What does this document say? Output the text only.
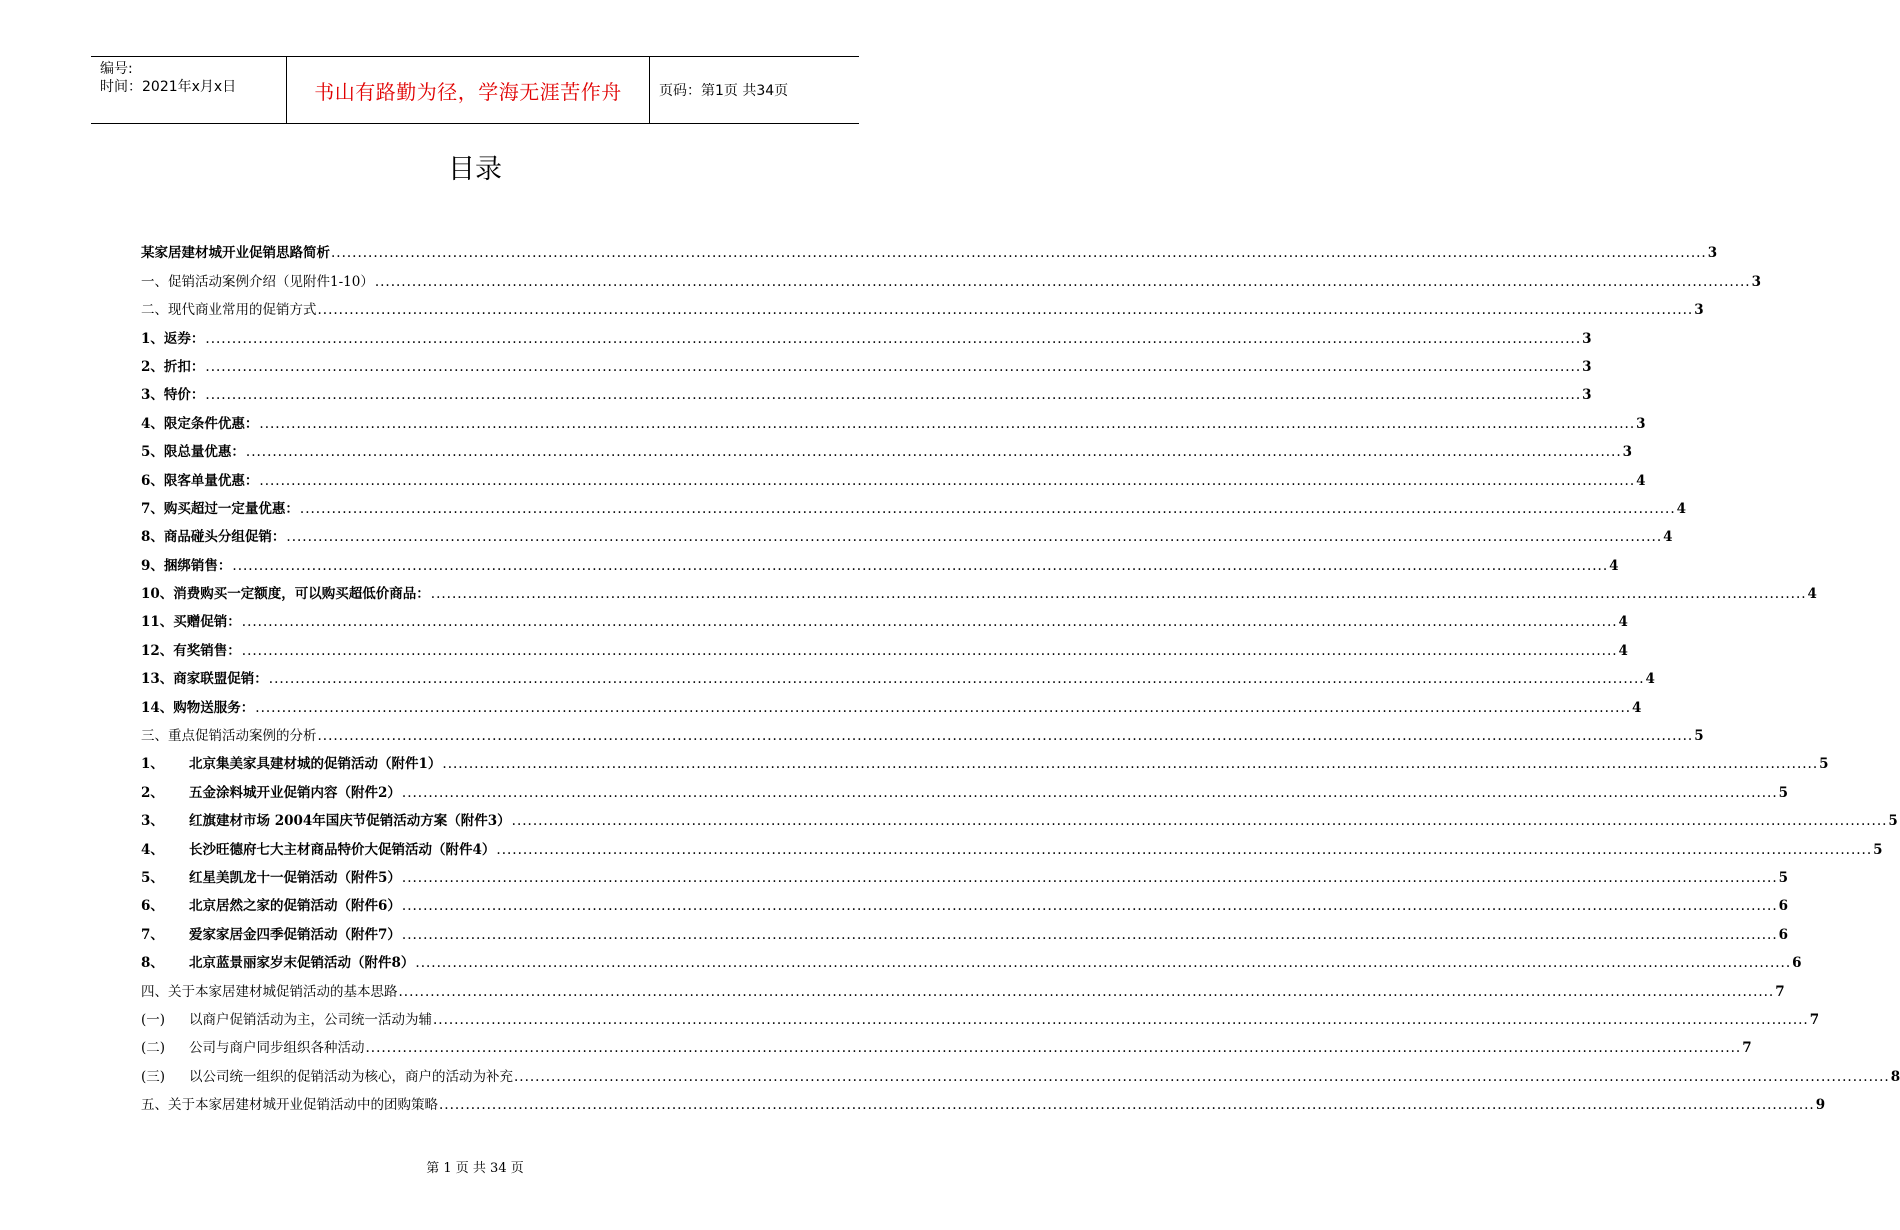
编号:
时间：2021年x月x日	书山有路勤为径，学海无涯苦作舟	页码：第1页 共34页
目录
某家居建材城开业促销思路简析 .................................................................................................................................................................................................................................................................... 3
一、促销活动案例介绍（见附件1-10） .................................................................................................................................................................................................................................................................... 3
二、现代商业常用的促销方式 .................................................................................................................................................................................................................................................................... 3
1、返券： .................................................................................................................................................................................................................................................................... 3
2、折扣： .................................................................................................................................................................................................................................................................... 3
3、特价： .................................................................................................................................................................................................................................................................... 3
4、限定条件优惠： .................................................................................................................................................................................................................................................................... 3
5、限总量优惠： .................................................................................................................................................................................................................................................................... 3
6、限客单量优惠： .................................................................................................................................................................................................................................................................... 4
7、购买超过一定量优惠： .................................................................................................................................................................................................................................................................... 4
8、商品碰头分组促销： .................................................................................................................................................................................................................................................................... 4
9、捆绑销售： .................................................................................................................................................................................................................................................................... 4
10、消费购买一定额度，可以购买超低价商品： .................................................................................................................................................................................................................................................................... 4
11、买赠促销： .................................................................................................................................................................................................................................................................... 4
12、有奖销售： .................................................................................................................................................................................................................................................................... 4
13、商家联盟促销： .................................................................................................................................................................................................................................................................... 4
14、购物送服务： .................................................................................................................................................................................................................................................................... 4
三、重点促销活动案例的分析 .................................................................................................................................................................................................................................................................... 5
1、	北京集美家具建材城的促销活动（附件1） .................................................................................................................................................................................................................................................................... 5
2、	五金涂料城开业促销内容（附件2） .................................................................................................................................................................................................................................................................... 5
3、	红旗建材市场 2004年国庆节促销活动方案（附件3） .................................................................................................................................................................................................................................................................... 5
4、	长沙旺德府七大主材商品特价大促销活动（附件4） .................................................................................................................................................................................................................................................................... 5
5、	红星美凯龙十一促销活动（附件5） .................................................................................................................................................................................................................................................................... 5
6、	北京居然之家的促销活动（附件6） .................................................................................................................................................................................................................................................................... 6
7、	爱家家居金四季促销活动（附件7） .................................................................................................................................................................................................................................................................... 6
8、	北京蓝景丽家岁末促销活动（附件8） .................................................................................................................................................................................................................................................................... 6
四、关于本家居建材城促销活动的基本思路 .................................................................................................................................................................................................................................................................... 7
(一)	以商户促销活动为主，公司统一活动为辅 .................................................................................................................................................................................................................................................................... 7
(二)	公司与商户同步组织各种活动 .................................................................................................................................................................................................................................................................... 7
(三)	以公司统一组织的促销活动为核心，商户的活动为补充 .................................................................................................................................................................................................................................................................... 8
五、关于本家居建材城开业促销活动中的团购策略 .................................................................................................................................................................................................................................................................... 9
第 1 页 共 34 页
